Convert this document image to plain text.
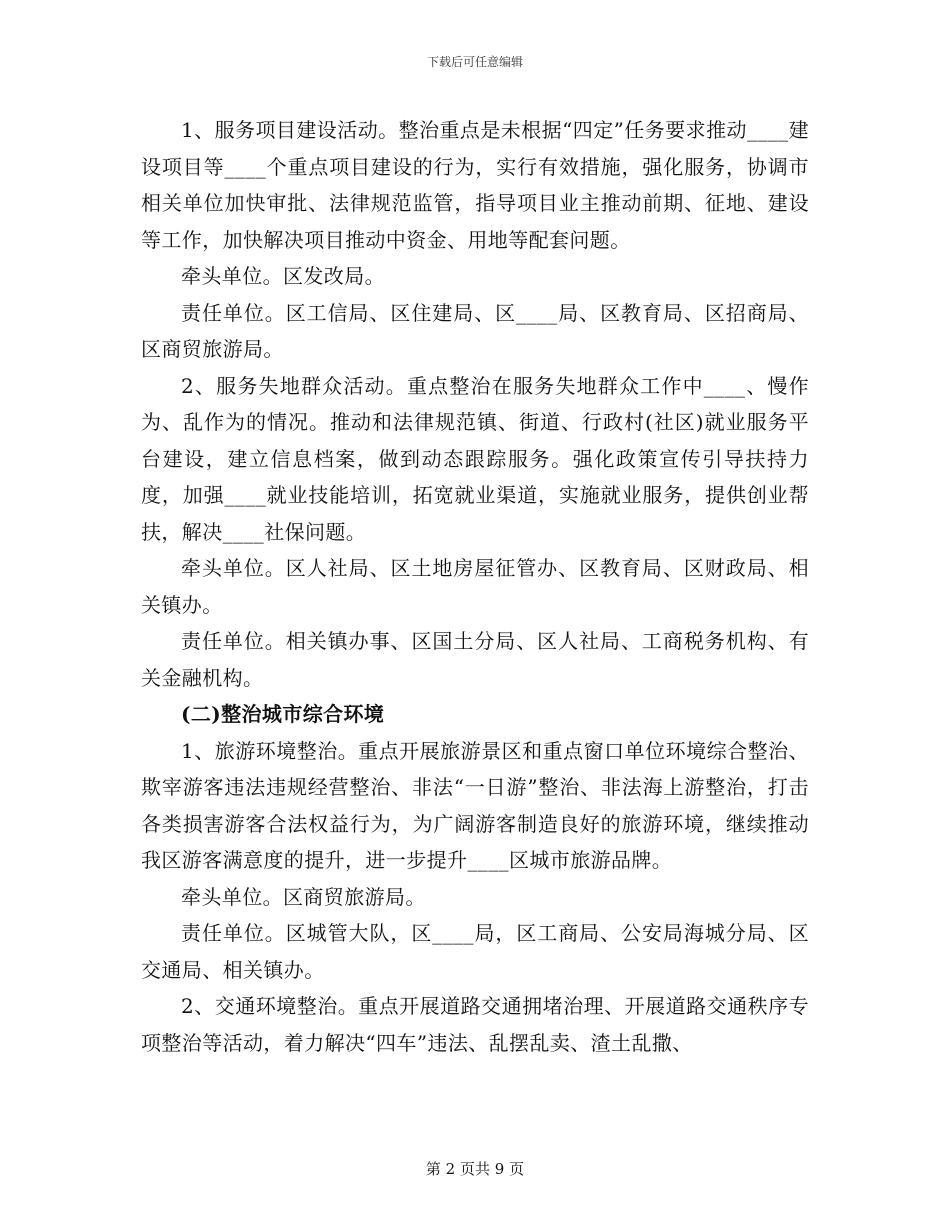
下载后可任意编辑

1、服务项目建设活动。整治重点是未根据“四定”任务要求推动____建设项目等____个重点项目建设的行为，实行有效措施，强化服务，协调市相关单位加快审批、法律规范监管，指导项目业主推动前期、征地、建设等工作，加快解决项目推动中资金、用地等配套问题。

牵头单位。区发改局。

责任单位。区工信局、区住建局、区____局、区教育局、区招商局、区商贸旅游局。

2、服务失地群众活动。重点整治在服务失地群众工作中____、慢作为、乱作为的情况。推动和法律规范镇、街道、行政村(社区)就业服务平台建设，建立信息档案，做到动态跟踪服务。强化政策宣传引导扶持力度，加强____就业技能培训，拓宽就业渠道，实施就业服务，提供创业帮扶，解决____社保问题。

牵头单位。区人社局、区土地房屋征管办、区教育局、区财政局、相关镇办。

责任单位。相关镇办事、区国土分局、区人社局、工商税务机构、有关金融机构。

(二)整治城市综合环境

1、旅游环境整治。重点开展旅游景区和重点窗口单位环境综合整治、欺宰游客违法违规经营整治、非法“一日游”整治、非法海上游整治，打击各类损害游客合法权益行为，为广阔游客制造良好的旅游环境，继续推动我区游客满意度的提升，进一步提升____区城市旅游品牌。

牵头单位。区商贸旅游局。

责任单位。区城管大队，区____局，区工商局、公安局海城分局、区交通局、相关镇办。

2、交通环境整治。重点开展道路交通拥堵治理、开展道路交通秩序专项整治等活动，着力解决“四车”违法、乱摆乱卖、渣土乱撒、

第 2 页共 9 页
